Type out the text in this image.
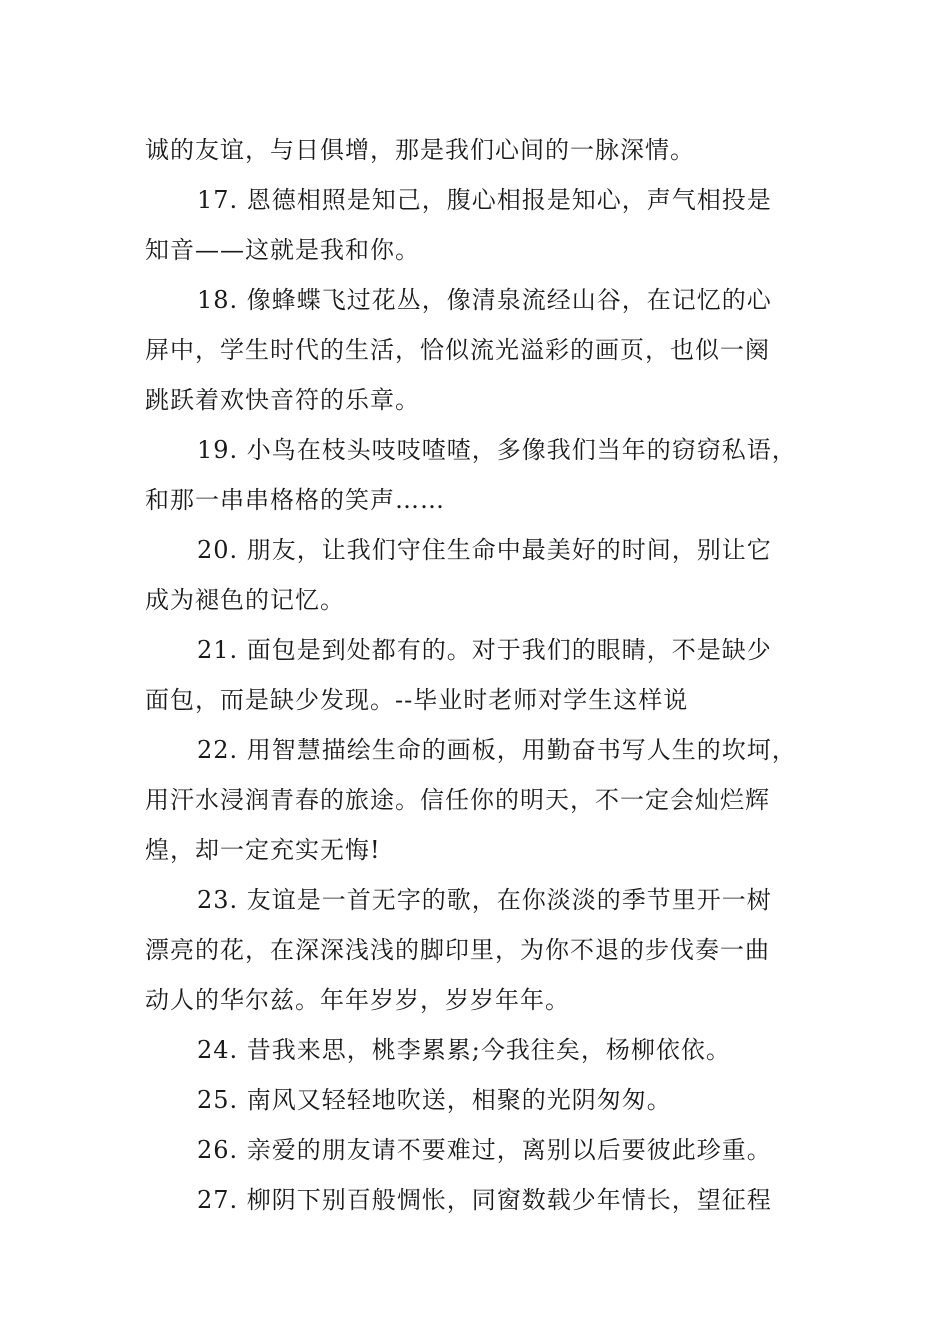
诚的友谊，与日俱增，那是我们心间的一脉深情。
17. 恩德相照是知己，腹心相报是知心，声气相投是
知音——这就是我和你。
18. 像蜂蝶飞过花丛，像清泉流经山谷，在记忆的心
屏中，学生时代的生活，恰似流光溢彩的画页，也似一阕
跳跃着欢快音符的乐章。
19. 小鸟在枝头吱吱喳喳，多像我们当年的窃窃私语，
和那一串串格格的笑声……
20. 朋友，让我们守住生命中最美好的时间，别让它
成为褪色的记忆。
21. 面包是到处都有的。对于我们的眼睛，不是缺少
面包，而是缺少发现。--毕业时老师对学生这样说
22. 用智慧描绘生命的画板，用勤奋书写人生的坎坷，
用汗水浸润青春的旅途。信任你的明天，不一定会灿烂辉
煌，却一定充实无悔!
23. 友谊是一首无字的歌，在你淡淡的季节里开一树
漂亮的花，在深深浅浅的脚印里，为你不退的步伐奏一曲
动人的华尔兹。年年岁岁，岁岁年年。
24. 昔我来思，桃李累累;今我往矣，杨柳依依。
25. 南风又轻轻地吹送，相聚的光阴匆匆。
26. 亲爱的朋友请不要难过，离别以后要彼此珍重。
27. 柳阴下别百般惆怅，同窗数载少年情长，望征程
